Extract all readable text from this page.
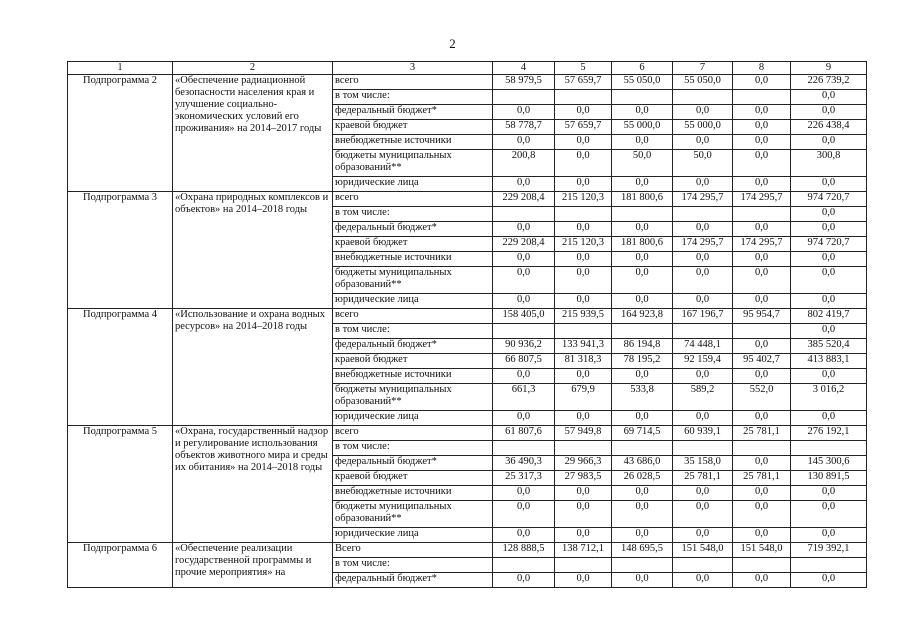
2
1	2	3	4	5	6	7	8	9
Подпрограмма 2	«Обеспечение радиационной безопасности населения края и улучшение социально-экономических условий его проживания» на 2014–2017 годы	всего	58 979,5	57 659,7	55 050,0	55 050,0	0,0	226 739,2
		в том числе:						0,0
		федеральный бюджет*	0,0	0,0	0,0	0,0	0,0	0,0
		краевой бюджет	58 778,7	57 659,7	55 000,0	55 000,0	0,0	226 438,4
		внебюджетные источники	0,0	0,0	0,0	0,0	0,0	0,0
		бюджеты муниципальных образований**	200,8	0,0	50,0	50,0	0,0	300,8
		юридические лица	0,0	0,0	0,0	0,0	0,0	0,0
Подпрограмма 3	«Охрана природных комплексов и объектов» на 2014–2018 годы	всего	229 208,4	215 120,3	181 800,6	174 295,7	174 295,7	974 720,7
		в том числе:						0,0
		федеральный бюджет*	0,0	0,0	0,0	0,0	0,0	0,0
		краевой бюджет	229 208,4	215 120,3	181 800,6	174 295,7	174 295,7	974 720,7
		внебюджетные источники	0,0	0,0	0,0	0,0	0,0	0,0
		бюджеты муниципальных образований**	0,0	0,0	0,0	0,0	0,0	0,0
		юридические лица	0,0	0,0	0,0	0,0	0,0	0,0
Подпрограмма 4	«Использование и охрана водных ресурсов» на 2014–2018 годы	всего	158 405,0	215 939,5	164 923,8	167 196,7	95 954,7	802 419,7
		в том числе:						0,0
		федеральный бюджет*	90 936,2	133 941,3	86 194,8	74 448,1	0,0	385 520,4
		краевой бюджет	66 807,5	81 318,3	78 195,2	92 159,4	95 402,7	413 883,1
		внебюджетные источники	0,0	0,0	0,0	0,0	0,0	0,0
		бюджеты муниципальных образований**	661,3	679,9	533,8	589,2	552,0	3 016,2
		юридические лица	0,0	0,0	0,0	0,0	0,0	0,0
Подпрограмма 5	«Охрана, государственный надзор и регулирование использования объектов животного мира и среды их обитания» на 2014–2018 годы	всего	61 807,6	57 949,8	69 714,5	60 939,1	25 781,1	276 192,1
		в том числе:						
		федеральный бюджет*	36 490,3	29 966,3	43 686,0	35 158,0	0,0	145 300,6
		краевой бюджет	25 317,3	27 983,5	26 028,5	25 781,1	25 781,1	130 891,5
		внебюджетные источники	0,0	0,0	0,0	0,0	0,0	0,0
		бюджеты муниципальных образований**	0,0	0,0	0,0	0,0	0,0	0,0
		юридические лица	0,0	0,0	0,0	0,0	0,0	0,0
Подпрограмма 6	«Обеспечение реализации государственной программы и прочие мероприятия» на	Всего	128 888,5	138 712,1	148 695,5	151 548,0	151 548,0	719 392,1
		в том числе:						
		федеральный бюджет*	0,0	0,0	0,0	0,0	0,0	0,0
